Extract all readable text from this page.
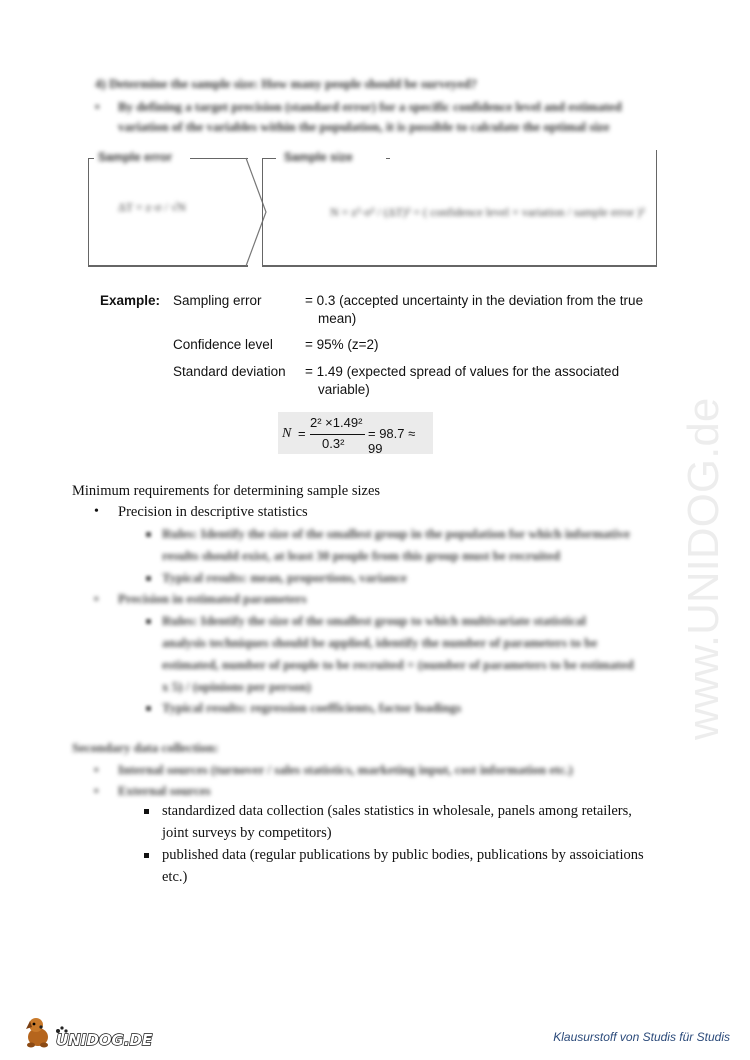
4) Determine the sample size: How many people should be surveyed?
• By defining a target precision (standard error) for a specific confidence level and estimated
variation of the variables within the population, it is possible to calculate the optimal size
Sample error
ΔT = z·σ / √N
Sample size
N = z²·σ² / (ΔT)² = ( confidence level × variation / sample error )²
Example: Sampling error	= 0.3 (accepted uncertainty in the deviation from the true
mean)
Confidence level = 95% (z=2)
Standard deviation = 1.49 (expected spread of values for the associated
variable)
N =
2² ×1.49²
0.3²
= 98.7 ≈ 99
Minimum requirements for determining sample sizes
• Precision in descriptive statistics
Rules: Identify the size of the smallest group in the population for which informative
results should exist, at least 30 people from this group must be recruited
Typical results: mean, proportions, variance
• Precision in estimated parameters
Rules: Identify the size of the smallest group to which multivariate statistical
analysis techniques should be applied, identify the number of parameters to be
estimated, number of people to be recruited = (number of parameters to be estimated
x 5) / (opinions per person)
Typical results: regression coefficients, factor loadings
Secondary data collection:
• Internal sources (turnover / sales statistics, marketing input, cost information etc.)
• External sources
standardized data collection (sales statistics in wholesale, panels among retailers,
joint surveys by competitors)
published data (regular publications by public bodies, publications by assoiciations
etc.)
www.UNIDOG.de
UNIDOG.DE	Klausurstoff von Studis für Studis
